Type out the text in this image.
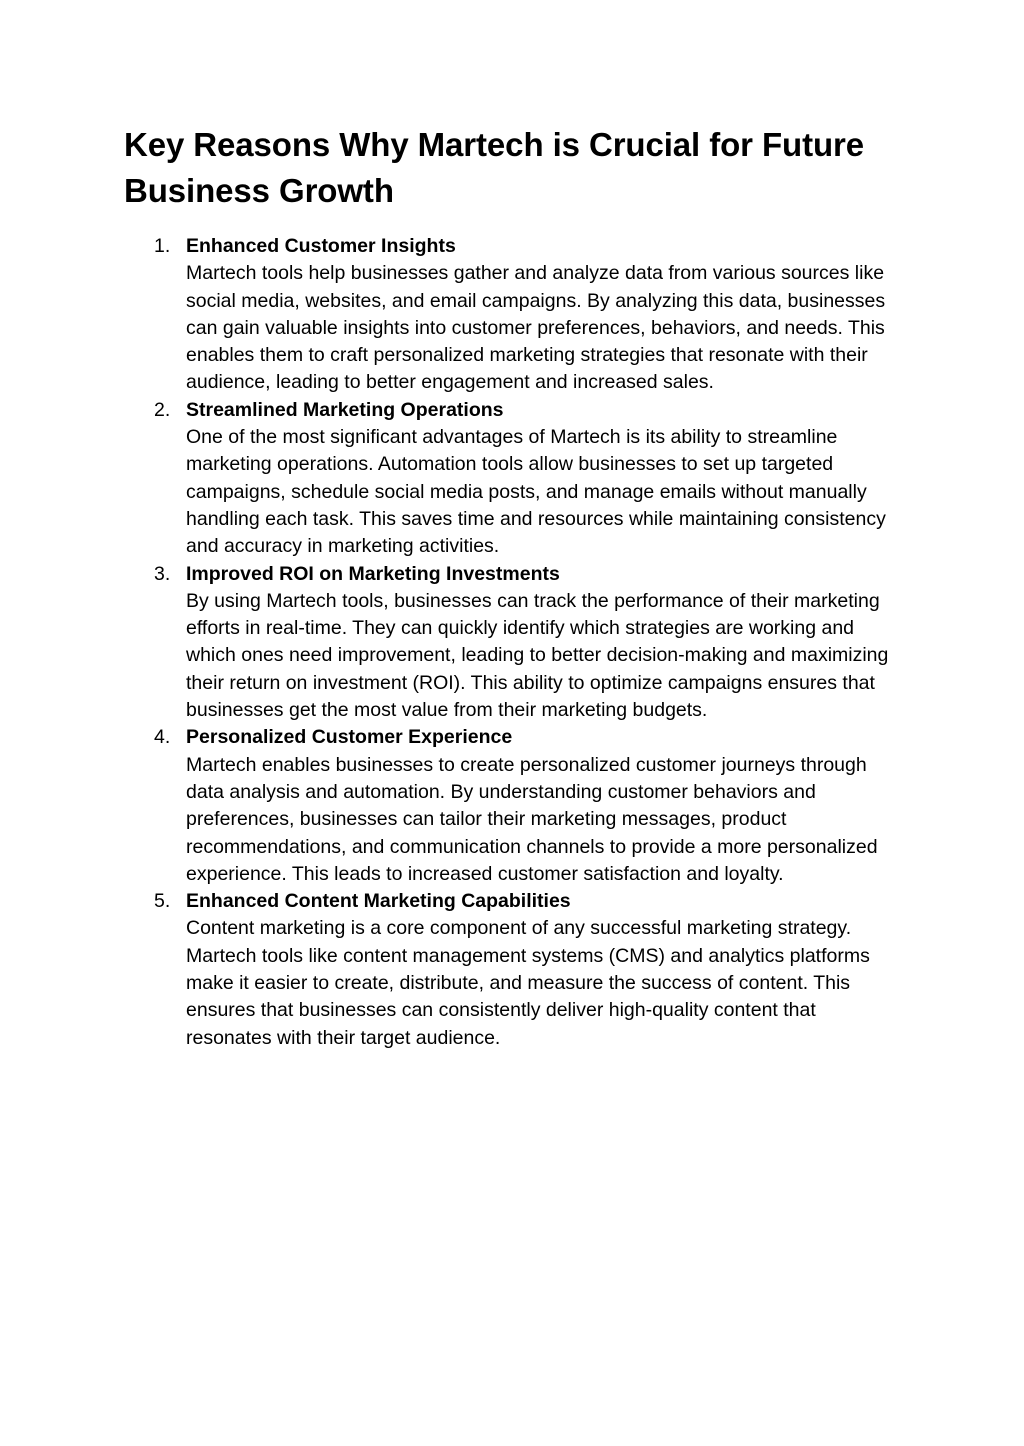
Key Reasons Why Martech is Crucial for Future Business Growth
1. Enhanced Customer Insights
Martech tools help businesses gather and analyze data from various sources like social media, websites, and email campaigns. By analyzing this data, businesses can gain valuable insights into customer preferences, behaviors, and needs. This enables them to craft personalized marketing strategies that resonate with their audience, leading to better engagement and increased sales.
2. Streamlined Marketing Operations
One of the most significant advantages of Martech is its ability to streamline marketing operations. Automation tools allow businesses to set up targeted campaigns, schedule social media posts, and manage emails without manually handling each task. This saves time and resources while maintaining consistency and accuracy in marketing activities.
3. Improved ROI on Marketing Investments
By using Martech tools, businesses can track the performance of their marketing efforts in real-time. They can quickly identify which strategies are working and which ones need improvement, leading to better decision-making and maximizing their return on investment (ROI). This ability to optimize campaigns ensures that businesses get the most value from their marketing budgets.
4. Personalized Customer Experience
Martech enables businesses to create personalized customer journeys through data analysis and automation. By understanding customer behaviors and preferences, businesses can tailor their marketing messages, product recommendations, and communication channels to provide a more personalized experience. This leads to increased customer satisfaction and loyalty.
5. Enhanced Content Marketing Capabilities
Content marketing is a core component of any successful marketing strategy. Martech tools like content management systems (CMS) and analytics platforms make it easier to create, distribute, and measure the success of content. This ensures that businesses can consistently deliver high-quality content that resonates with their target audience.
